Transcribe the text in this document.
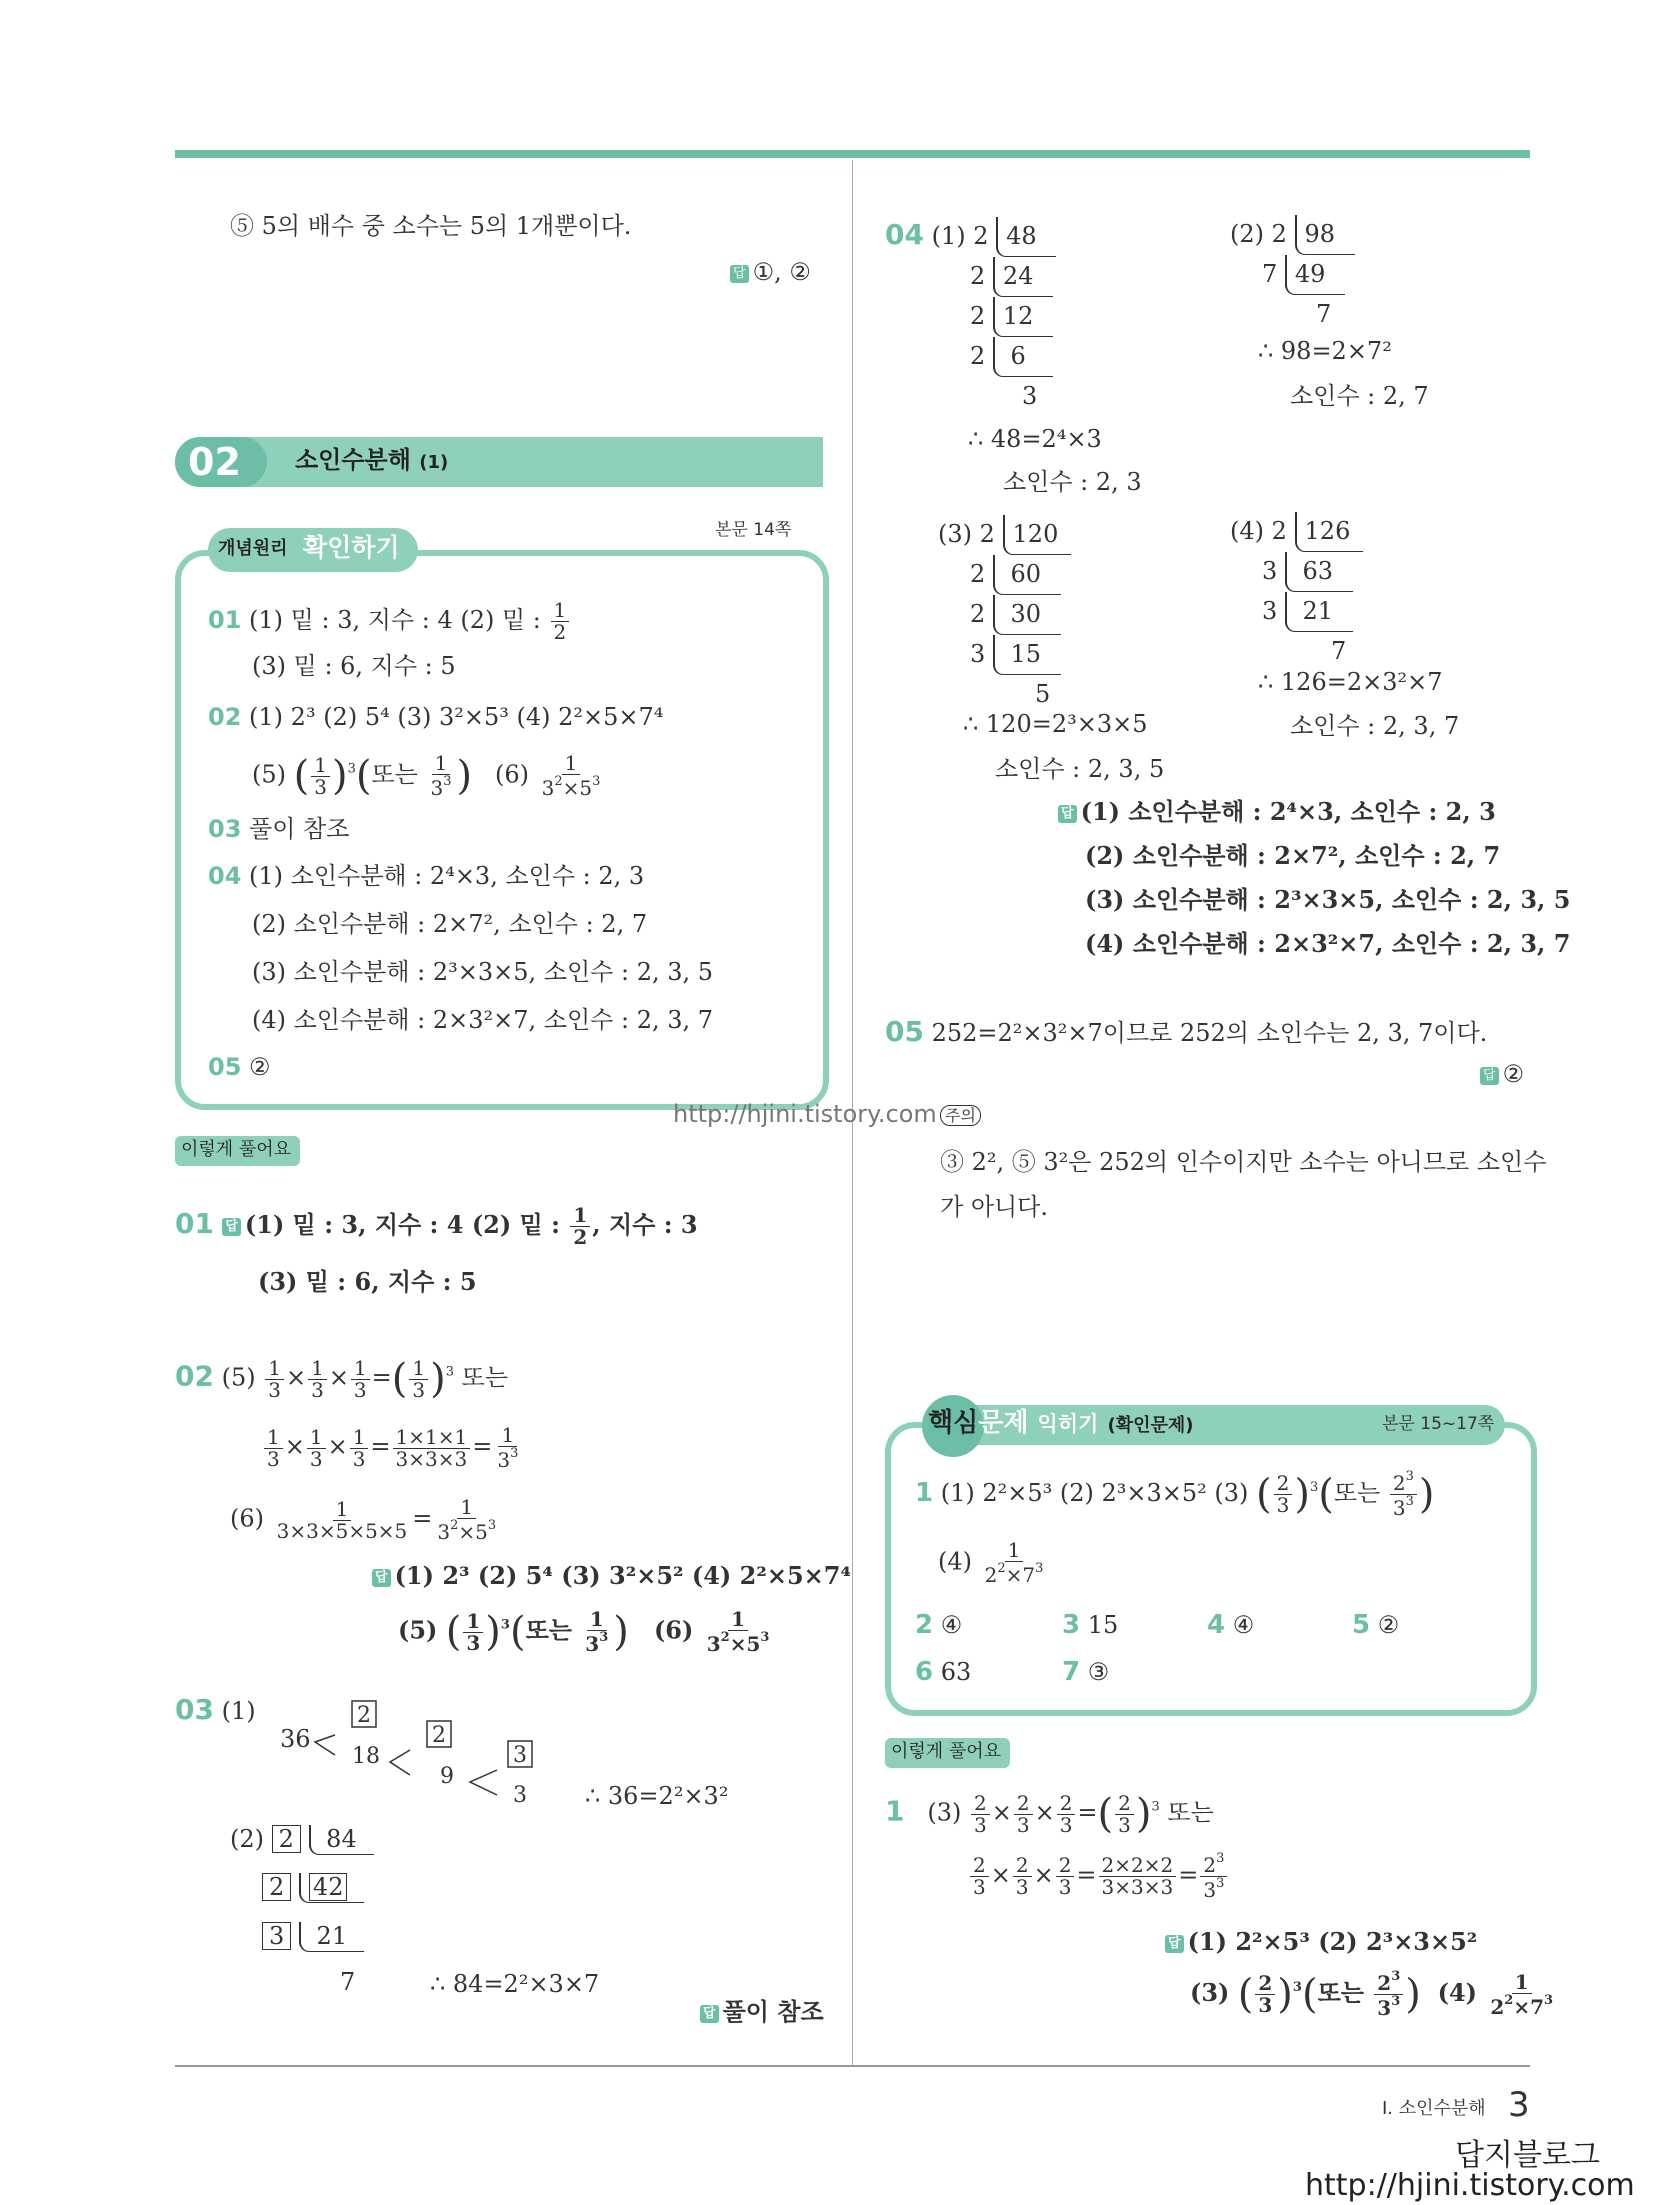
⑤ 5의 배수 중 소수는 5의 1개뿐이다.
답 ①, ②
02 소인수분해 (1)
개념원리 확인하기
본문 14쪽
01 (1) 밑 : 3, 지수 : 4 (2) 밑 : $\frac{1}{2}$
(3) 밑 : 6, 지수 : 5
02 (1) 2³ (2) 5⁴ (3) 3²×5³ (4) 2²×5×7⁴
(5) ( $\frac{1}{3} )^3$(또는 $\frac{1}{3^3}$ )   $(6) \frac{1}{3^2\times 5^3}$
03 풀이 참조
04 (1) 소인수분해 : 2⁴×3, 소인수 : 2, 3
(2) 소인수분해 : 2×7², 소인수 : 2, 7
(3) 소인수분해 : 2³×3×5, 소인수 : 2, 3, 5
(4) 소인수분해 : 2×3²×7, 소인수 : 2, 3, 7
05 ②
http://hjini.tistory.com
이렇게 풀어요
01 답 (1) 밑 : 3, 지수 : 4 (2) 밑 : $\frac{1}{2}$ , 지수 : 3
(3) 밑 : 6, 지수 : 5
02 $(5) \frac{1}{3} \times \frac{1}{3} \times \frac{1}{3}$ =( $\frac{1}{3} )^3$ 또는
$\frac{1}{3} \times \frac{1}{3} \times \frac{1}{3} = \frac{1\times 1\times 1}{3\times 3\times 3} = \frac{1}{3^3}$
$(6) \frac{1}{3\times 3\times 5\times 5\times 5} = \frac{1}{3^2\times 5^3}$
답 (1) 2³ (2) 5⁴ (3) 3²×5² (4) 2²×5×7⁴
(5) ( $\frac{1}{3} )^3$(또는 $\frac{1}{3^3}$ )   $(6) \frac{1}{3^2\times 5^3}$
03 (1)
36
2
18
2
9
3
3 ∴ 36=2²×3²
(2) 2  84
2 42
3  21
7	∴ 84=2²×3×7
답 풀이 참조
04 (1) 2 48
2 24
2 12
2  6
3
∴ 48=2⁴×3
소인수 : 2, 3
(2) 2 98
7 49
7
∴ 98=2×7²
소인수 : 2, 7
(3) 2 120
2  60
2  30
3  15
5
∴ 120=2³×3×5
소인수 : 2, 3, 5
(4) 2 126
3  63
3  21
7
∴ 126=2×3²×7
소인수 : 2, 3, 7
답 (1) 소인수분해 : 2⁴×3, 소인수 : 2, 3
(2) 소인수분해 : 2×7², 소인수 : 2, 7
(3) 소인수분해 : 2³×3×5, 소인수 : 2, 3, 5
(4) 소인수분해 : 2×3²×7, 소인수 : 2, 3, 7
05 252=2²×3²×7이므로 252의 소인수는 2, 3, 7이다.
답 ②
주의
③ 2², ⑤ 3²은 252의 인수이지만 소수는 아니므로 소인수
가 아니다.
핵심문제 익히기 (확인문제)	본문 15~17쪽
1 (1) 2²×5³ (2) 2³×3×5² (3) ( $\frac{2}{3} )^3$(또는 $\frac{2^3}{3^3}$ )
$(4) \frac{1}{2^2\times 7^3}$
2 ④	3 15	4 ④	5 ②
6 63	7 ③
이렇게 풀어요
1   $(3) \frac{2}{3} \times \frac{2}{3} \times \frac{2}{3}$ =( $\frac{2}{3} )^3$ 또는
$\frac{2}{3} \times \frac{2}{3} \times \frac{2}{3} = \frac{2\times 2\times 2}{3\times 3\times 3} = \frac{2^3}{3^3}$
답 (1) 2²×5³ (2) 2³×3×5²
(3) ( $\frac{2}{3} )^3$(또는 $\frac{2^3}{3^3}$ )  $(4) \frac{1}{2^2\times 7^3}$
Ⅰ. 소인수분해 3
답지블로그
http://hjini.tistory.com
